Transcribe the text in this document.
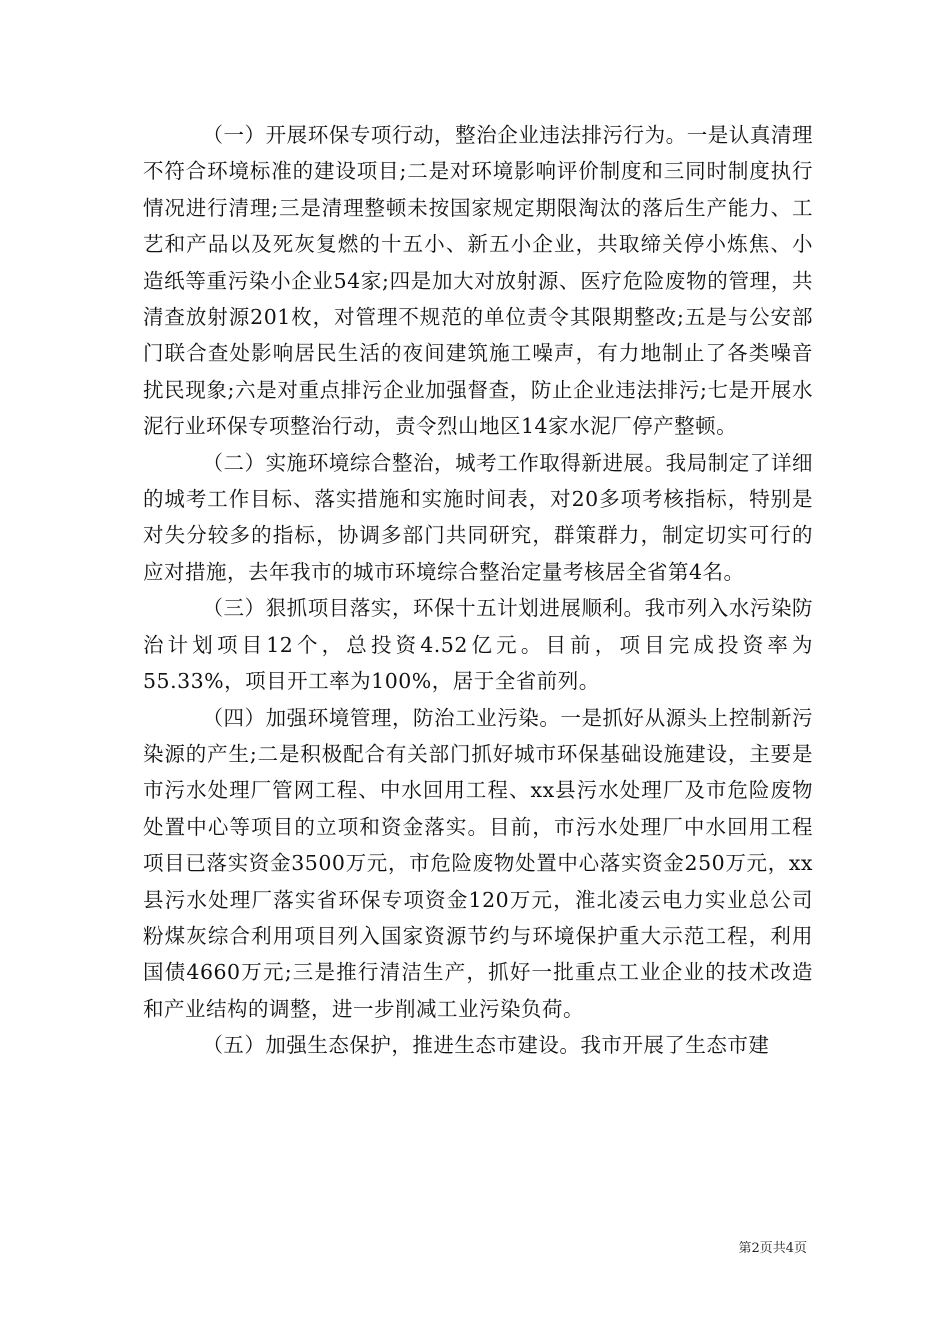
（一）开展环保专项行动，整治企业违法排污行为。一是认真清理不符合环境标准的建设项目;二是对环境影响评价制度和三同时制度执行情况进行清理;三是清理整顿未按国家规定期限淘汰的落后生产能力、工艺和产品以及死灰复燃的十五小、新五小企业，共取缔关停小炼焦、小造纸等重污染小企业54家;四是加大对放射源、医疗危险废物的管理，共清查放射源201枚，对管理不规范的单位责令其限期整改;五是与公安部门联合查处影响居民生活的夜间建筑施工噪声，有力地制止了各类噪音扰民现象;六是对重点排污企业加强督查，防止企业违法排污;七是开展水泥行业环保专项整治行动，责令烈山地区14家水泥厂停产整顿。

（二）实施环境综合整治，城考工作取得新进展。我局制定了详细的城考工作目标、落实措施和实施时间表，对20多项考核指标，特别是对失分较多的指标，协调多部门共同研究，群策群力，制定切实可行的应对措施，去年我市的城市环境综合整治定量考核居全省第4名。

（三）狠抓项目落实，环保十五计划进展顺利。我市列入水污染防治计划项目12个，总投资4.52亿元。目前，项目完成投资率为55.33%，项目开工率为100%，居于全省前列。

（四）加强环境管理，防治工业污染。一是抓好从源头上控制新污染源的产生;二是积极配合有关部门抓好城市环保基础设施建设，主要是市污水处理厂管网工程、中水回用工程、xx县污水处理厂及市危险废物处置中心等项目的立项和资金落实。目前，市污水处理厂中水回用工程项目已落实资金3500万元，市危险废物处置中心落实资金250万元，xx县污水处理厂落实省环保专项资金120万元，淮北凌云电力实业总公司粉煤灰综合利用项目列入国家资源节约与环境保护重大示范工程，利用国债4660万元;三是推行清洁生产，抓好一批重点工业企业的技术改造和产业结构的调整，进一步削减工业污染负荷。

（五）加强生态保护，推进生态市建设。我市开展了生态市建

第2页共4页
